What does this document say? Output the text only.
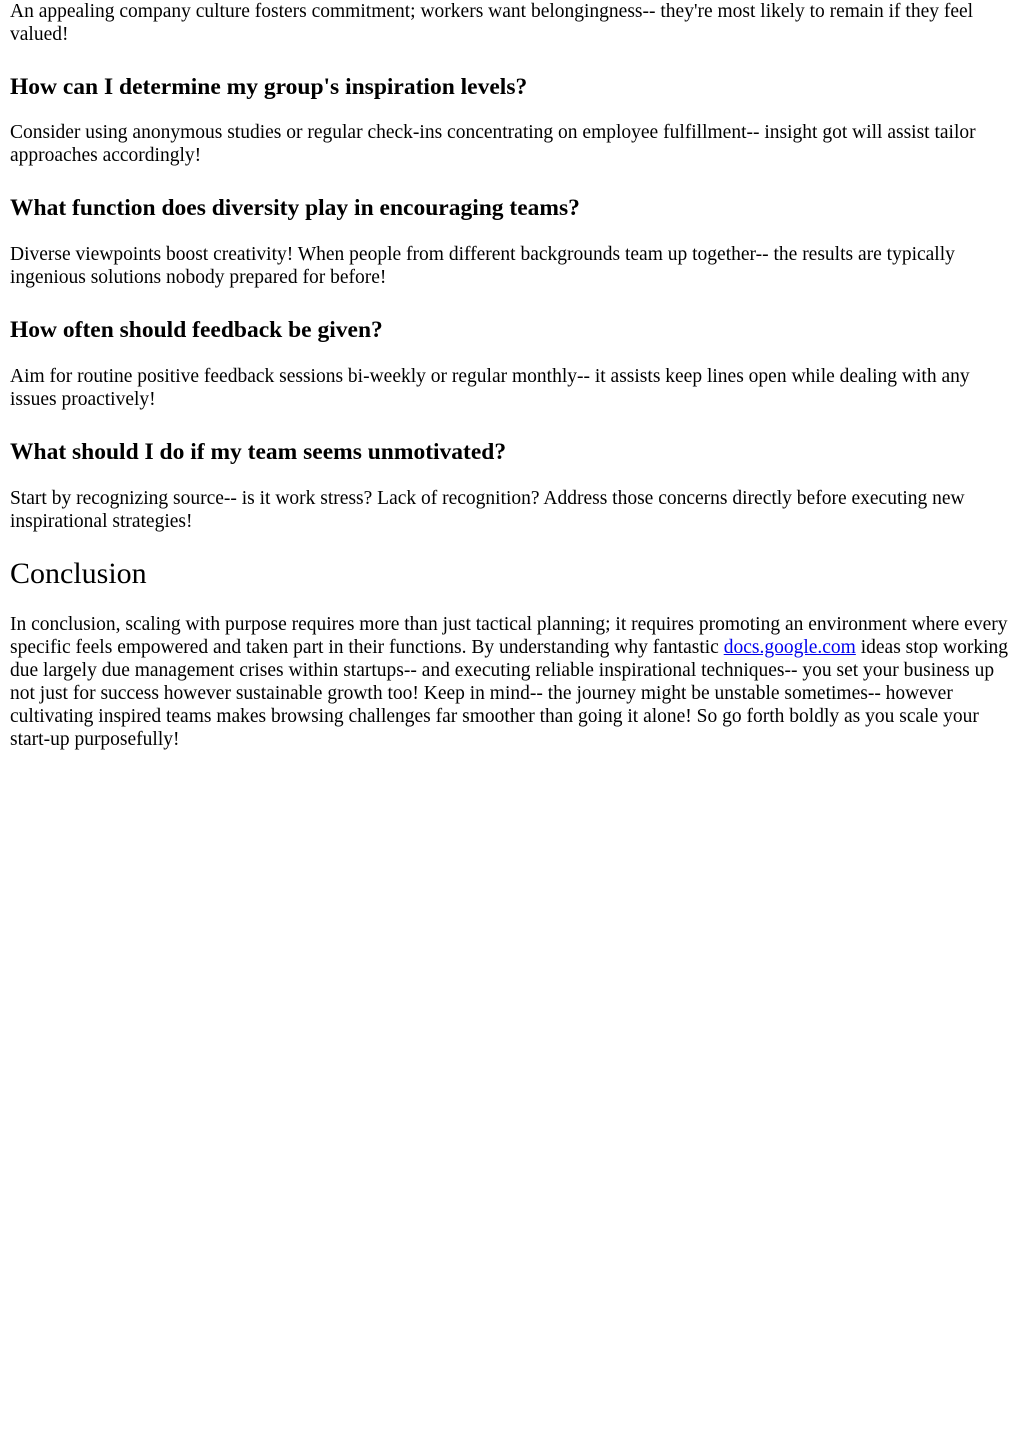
An appealing company culture fosters commitment; workers want belongingness-- they're most likely to remain if they feel valued!

How can I determine my group's inspiration levels?

Consider using anonymous studies or regular check-ins concentrating on employee fulfillment-- insight got will assist tailor approaches accordingly!

What function does diversity play in encouraging teams?

Diverse viewpoints boost creativity! When people from different backgrounds team up together-- the results are typically ingenious solutions nobody prepared for before!

How often should feedback be given?

Aim for routine positive feedback sessions bi-weekly or regular monthly-- it assists keep lines open while dealing with any issues proactively!

What should I do if my team seems unmotivated?

Start by recognizing source-- is it work stress? Lack of recognition? Address those concerns directly before executing new inspirational strategies!

Conclusion

In conclusion, scaling with purpose requires more than just tactical planning; it requires promoting an environment where every specific feels empowered and taken part in their functions. By understanding why fantastic docs.google.com ideas stop working due largely due management crises within startups-- and executing reliable inspirational techniques-- you set your business up not just for success however sustainable growth too! Keep in mind-- the journey might be unstable sometimes-- however cultivating inspired teams makes browsing challenges far smoother than going it alone! So go forth boldly as you scale your start-up purposefully!
